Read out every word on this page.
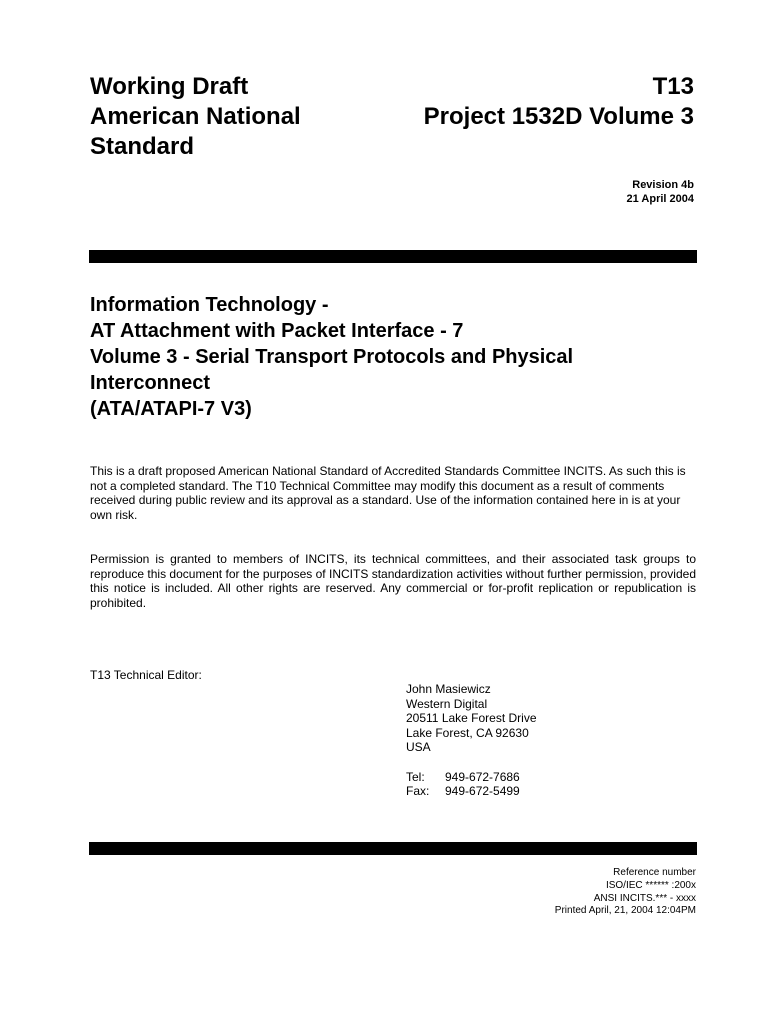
Working Draft
American National
Standard
T13
Project 1532D Volume 3
Revision 4b
21 April 2004
Information Technology -
AT Attachment with Packet Interface - 7
Volume 3 - Serial Transport Protocols and Physical
Interconnect
(ATA/ATAPI-7 V3)
This is a draft proposed American National Standard of Accredited Standards Committee INCITS. As such this is not a completed standard. The T10 Technical Committee may modify this document as a result of comments received during public review and its approval as a standard. Use of the information contained here in is at your own risk.
Permission is granted to members of INCITS, its technical committees, and their associated task groups to reproduce this document for the purposes of INCITS standardization activities without further permission, provided this notice is included. All other rights are reserved. Any commercial or for-profit replication or republication is prohibited.
T13 Technical Editor:
John Masiewicz
Western Digital
20511 Lake Forest Drive
Lake Forest, CA 92630
USA
Tel:	949-672-7686
Fax:	949-672-5499
Reference number
ISO/IEC ****** :200x
ANSI INCITS.*** - xxxx
Printed April, 21, 2004 12:04PM
